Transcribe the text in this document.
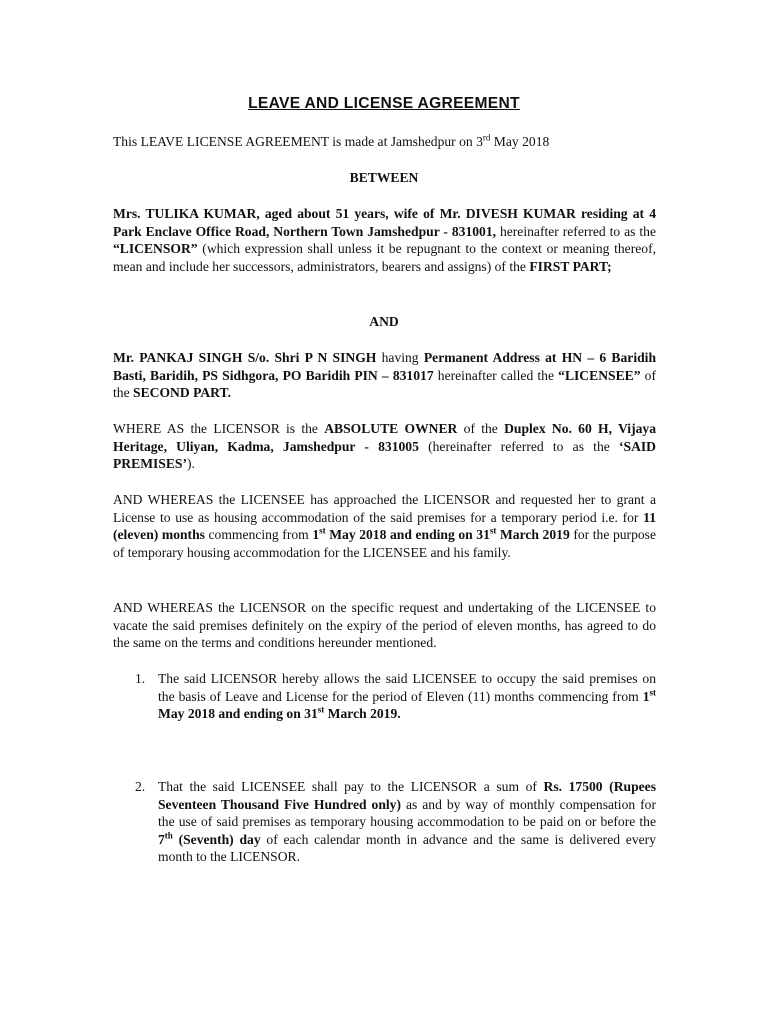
LEAVE AND LICENSE AGREEMENT
This LEAVE LICENSE AGREEMENT is made at Jamshedpur on 3rd May 2018
BETWEEN
Mrs. TULIKA KUMAR, aged about 51 years, wife of Mr. DIVESH KUMAR residing at 4 Park Enclave Office Road, Northern Town Jamshedpur - 831001, hereinafter referred to as the “LICENSOR” (which expression shall unless it be repugnant to the context or meaning thereof, mean and include her successors, administrators, bearers and assigns) of the FIRST PART;
AND
Mr. PANKAJ SINGH S/o. Shri P N SINGH having Permanent Address at HN – 6 Baridih Basti, Baridih, PS Sidhgora, PO Baridih PIN – 831017 hereinafter called the “LICENSEE” of the SECOND PART.
WHERE AS the LICENSOR is the ABSOLUTE OWNER of the Duplex No. 60 H, Vijaya Heritage, Uliyan, Kadma, Jamshedpur - 831005 (hereinafter referred to as the ‘SAID PREMISES’).
AND WHEREAS the LICENSEE has approached the LICENSOR and requested her to grant a License to use as housing accommodation of the said premises for a temporary period i.e. for 11 (eleven) months commencing from 1st May 2018 and ending on 31st March 2019 for the purpose of temporary housing accommodation for the LICENSEE and his family.
AND WHEREAS the LICENSOR on the specific request and undertaking of the LICENSEE to vacate the said premises definitely on the expiry of the period of eleven months, has agreed to do the same on the terms and conditions hereunder mentioned.
1. The said LICENSOR hereby allows the said LICENSEE to occupy the said premises on the basis of Leave and License for the period of Eleven (11) months commencing from 1st May 2018 and ending on 31st March 2019.
2. That the said LICENSEE shall pay to the LICENSOR a sum of Rs. 17500 (Rupees Seventeen Thousand Five Hundred only) as and by way of monthly compensation for the use of said premises as temporary housing accommodation to be paid on or before the 7th (Seventh) day of each calendar month in advance and the same is delivered every month to the LICENSOR.
